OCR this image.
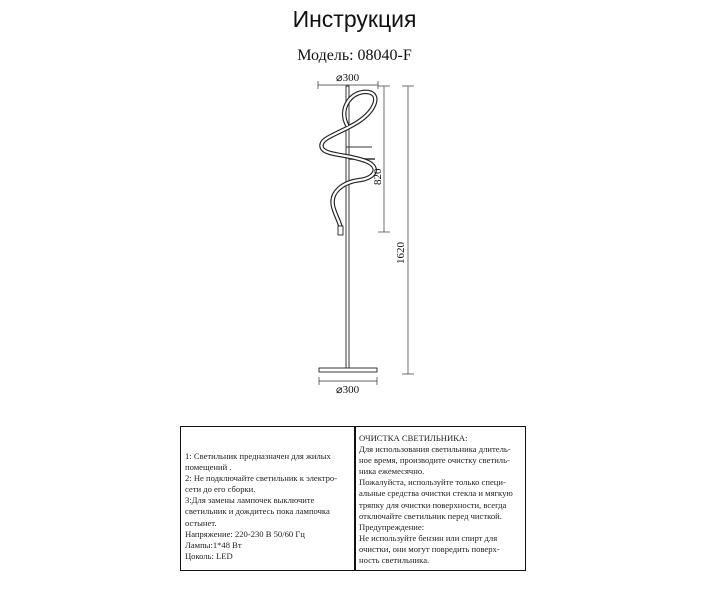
Инструкция
Модель: 08040-F
⌀300
⌀300
820
1620

1: Светильник предназначен для жилых

помещений .

2: Не подключайте светильник к электро-

сети до его сборки.

3:Для замены лампочек выключите

светильник и дождитесь пока лампочка

остынет.

Напряжение: 220-230 В 50/60 Гц

Лампы:1*48 Вт

Цоколь: LED

ОЧИСТКА СВЕТИЛЬНИКА:

Для использования светильника длитель-

ное время, производите очистку светиль-

ника ежемесячно.

Пожалуйста, используйте только специ-

альные средства очистки стекла и мягкую

тряпку для очистки поверхности, всегда

отключайте светильник перед чисткой.

Предупреждение:

Не используйте бензин или спирт для

очистки, они могут повредить поверх-

ность светильника.
